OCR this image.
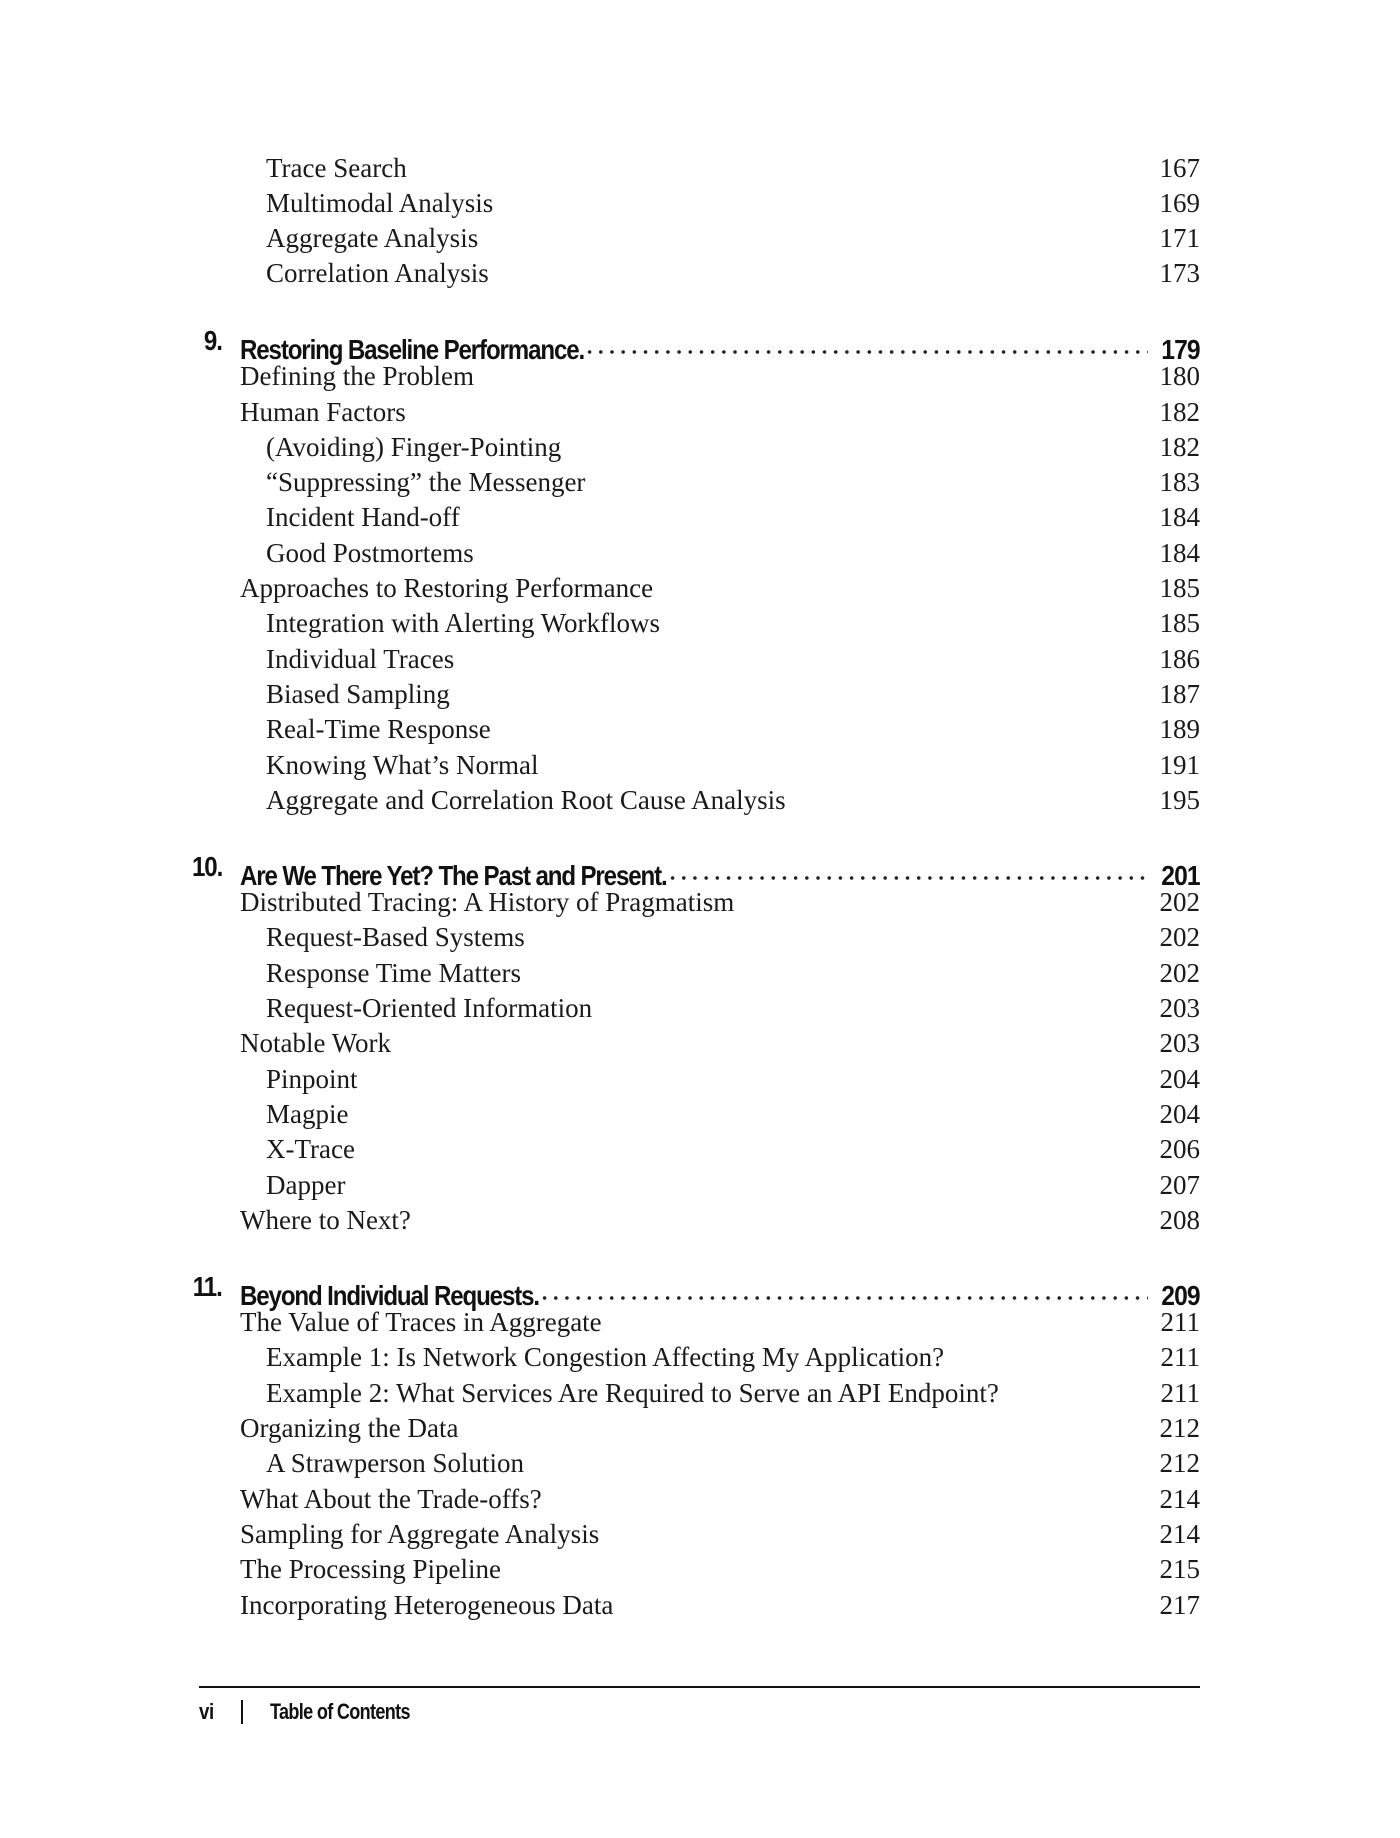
Trace Search	167
Multimodal Analysis	169
Aggregate Analysis	171
Correlation Analysis	173
9. Restoring Baseline Performance.	179
Defining the Problem	180
Human Factors	182
(Avoiding) Finger-Pointing	182
“Suppressing” the Messenger	183
Incident Hand-off	184
Good Postmortems	184
Approaches to Restoring Performance	185
Integration with Alerting Workflows	185
Individual Traces	186
Biased Sampling	187
Real-Time Response	189
Knowing What’s Normal	191
Aggregate and Correlation Root Cause Analysis	195
10. Are We There Yet? The Past and Present.	201
Distributed Tracing: A History of Pragmatism	202
Request-Based Systems	202
Response Time Matters	202
Request-Oriented Information	203
Notable Work	203
Pinpoint	204
Magpie	204
X-Trace	206
Dapper	207
Where to Next?	208
11. Beyond Individual Requests.	209
The Value of Traces in Aggregate	211
Example 1: Is Network Congestion Affecting My Application?	211
Example 2: What Services Are Required to Serve an API Endpoint?	211
Organizing the Data	212
A Strawperson Solution	212
What About the Trade-offs?	214
Sampling for Aggregate Analysis	214
The Processing Pipeline	215
Incorporating Heterogeneous Data	217
vi	Table of Contents
